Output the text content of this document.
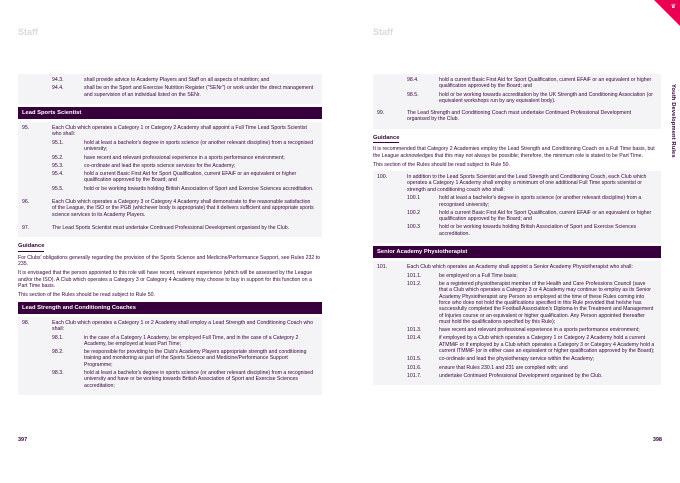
Staff
94.3.	shall provide advice to Academy Players and Staff on all aspects of nutrition; and
94.4.	shall be on the Sport and Exercise Nutrition Register ("SENr") or work under the direct management and supervision of an individual listed on the SENr.
Lead Sports Scientist
95.	Each Club which operates a Category 1 or Category 2 Academy shall appoint a Full Time Lead Sports Scientist who shall:
95.1.	hold at least a bachelor's degree in sports science (or another relevant discipline) from a recognised university;
95.2.	have recent and relevant professional experience in a sports performance environment;
95.3.	co-ordinate and lead the sports science services for the Academy;
95.4.	hold a current Basic First Aid for Sport Qualification, current EFAiF or an equivalent or higher qualification approved by the Board; and
95.5.	hold or be working towards holding British Association of Sport and Exercise Sciences accreditation.
96.	Each Club which operates a Category 3 or Category 4 Academy shall demonstrate to the reasonable satisfaction of the League, the ISO or the PGB (whichever body is appropriate) that it delivers sufficient and appropriate sports science services to its Academy Players.
97.	The Lead Sports Scientist must undertake Continued Professional Development organised by the Club.
Guidance
For Clubs' obligations generally regarding the provision of the Sports Science and Medicine/Performance Support, see Rules 232 to 235.
It is envisaged that the person appointed to this role will have recent, relevant experience (which will be assessed by the League and/or the ISO). A Club which operates a Category 3 or Category 4 Academy may choose to buy in support for this function on a Part Time basis.
This section of the Rules should be read subject to Rule 50.
Lead Strength and Conditioning Coaches
98.	Each Club which operates a Category 1 or 2 Academy shall employ a Lead Strength and Conditioning Coach who shall:
98.1.	in the case of a Category 1 Academy, be employed Full Time, and in the case of a Category 2 Academy, be employed at least Part Time;
98.2.	be responsible for providing to the Club's Academy Players appropriate strength and conditioning training and monitoring as part of the Sports Science and Medicine/Performance Support Programme;
98.3.	hold at least a bachelor's degree in sports science (or another relevant discipline) from a recognised university and have or be working towards British Association of Sport and Exercise Sciences accreditation;
397
♛
Staff
Youth Development Rules
98.4.	hold a current Basic First Aid for Sport Qualification, current EFAiF or an equivalent or higher qualification approved by the Board; and
98.5.	hold or be working towards accreditation by the UK Strength and Conditioning Association (or equivalent workshops run by any equivalent body).
99.	The Lead Strength and Conditioning Coach must undertake Continued Professional Development organised by the Club.
Guidance
It is recommended that Category 2 Academies employ the Lead Strength and Conditioning Coach on a Full Time basis, but the League acknowledges that this may not always be possible; therefore, the minimum role is stated to be Part Time.
This section of the Rules should be read subject to Rule 50.
100.	In addition to the Lead Sports Scientist and the Lead Strength and Conditioning Coach, each Club which operates a Category 1 Academy shall employ a minimum of one additional Full Time sports scientist or strength and conditioning coach who shall:
100.1	hold at least a bachelor's degree in sports science (or another relevant discipline) from a recognised university;
100.2	hold a current Basic First Aid for Sport Qualification, current EFAiF or an equivalent or higher qualification approved by the Board; and
100.3	hold or be working towards holding British Association of Sport and Exercise Sciences accreditation.
Senior Academy Physiotherapist
101.	Each Club which operates an Academy shall appoint a Senior Academy Physiotherapist who shall:
101.1.	be employed on a Full Time basis;
101.2.	be a registered physiotherapist member of the Health and Care Professions Council (save that a Club which operates a Category 3 or 4 Academy may continue to employ as its Senior Academy Physiotherapist any Person so employed at the time of these Rules coming into force who does not hold the qualifications specified in this Rule provided that he/she has successfully completed the Football Association's Diploma in the Treatment and Management of Injuries course or an equivalent or higher qualification. Any Person appointed thereafter must hold the qualifications specified by this Rule);
101.3.	have recent and relevant professional experience in a sports performance environment;
101.4.	if employed by a Club which operates a Category 1 or Category 2 Academy hold a current ATMMiF or if employed by a Club which operates a Category 3 or Category 4 Academy hold a current ITMMiF (or in either case an equivalent or higher qualification approved by the Board);
101.5.	co-ordinate and lead the physiotherapy service within the Academy;
101.6.	ensure that Rules 230.1 and 231 are complied with; and
101.7.	undertake Continued Professional Development organised by the Club.
398
